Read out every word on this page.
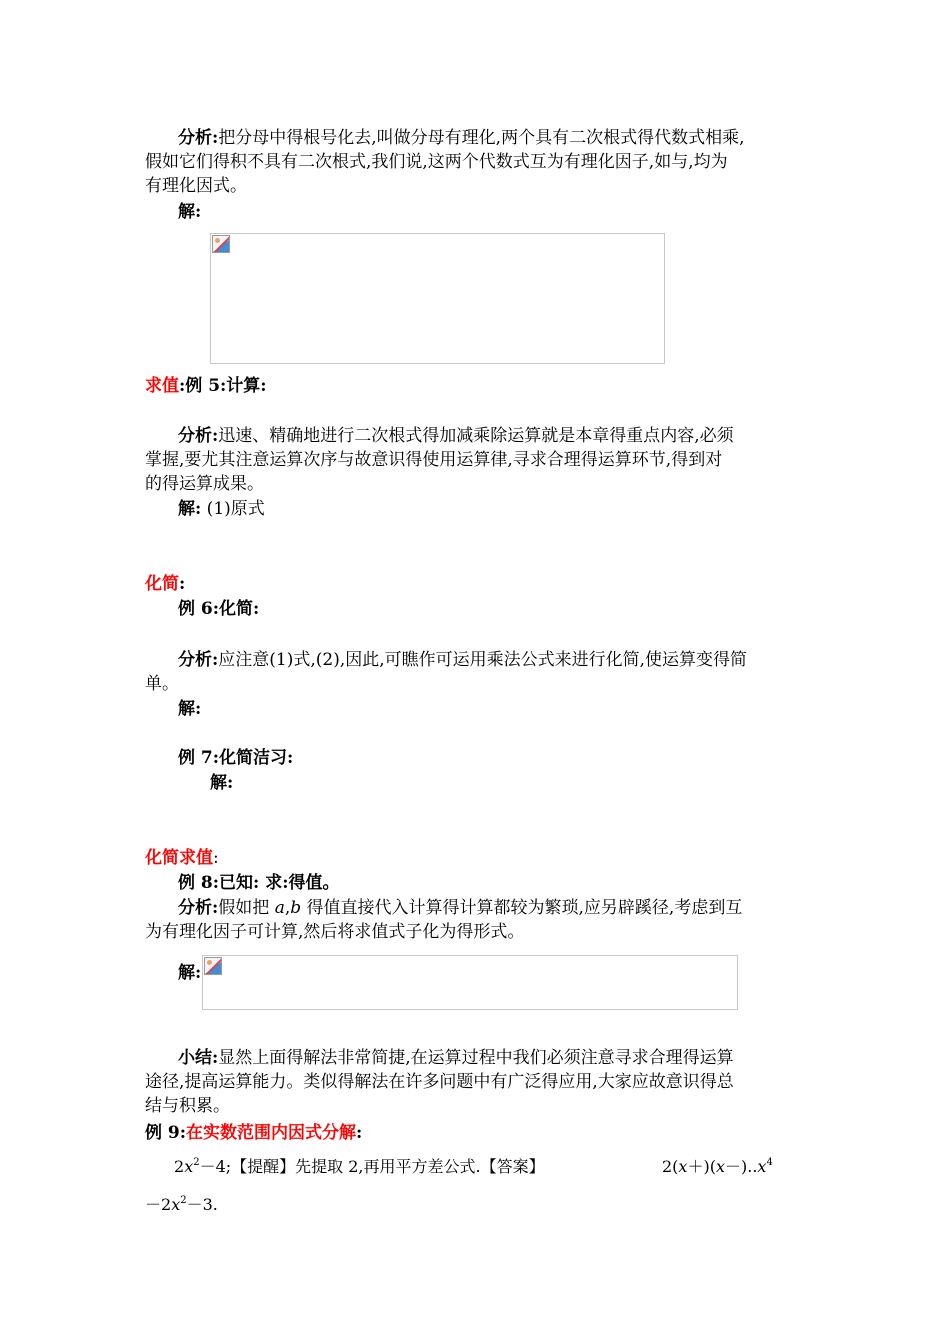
分析:把分母中得根号化去,叫做分母有理化,两个具有二次根式得代数式相乘,
假如它们得积不具有二次根式,我们说,这两个代数式互为有理化因子,如与,均为
有理化因式。
解:
求值:例 5:计算:
分析:迅速、精确地进行二次根式得加减乘除运算就是本章得重点内容,必须
掌握,要尤其注意运算次序与故意识得使用运算律,寻求合理得运算环节,得到对
的得运算成果。
解: (1)原式
化简:
例 6:化简:
分析:应注意(1)式,(2),因此,可瞧作可运用乘法公式来进行化简,使运算变得简
单。
解:
例 7:化简洁习:
解:
化简求值:
例 8:已知: 求:得值。
分析:假如把 a,b 得值直接代入计算得计算都较为繁琐,应另辟蹊径,考虑到互
为有理化因子可计算,然后将求值式子化为得形式。
解:
小结:显然上面得解法非常简捷,在运算过程中我们必须注意寻求合理得运算
途径,提高运算能力。类似得解法在许多问题中有广泛得应用,大家应故意识得总
结与积累。
例 9:在实数范围内因式分解:
$2x^2-4$;【提醒】先提取 2,再用平方差公式.【答案】	$2(x+)(x-)..x^4$
$-2x^2-3$.
